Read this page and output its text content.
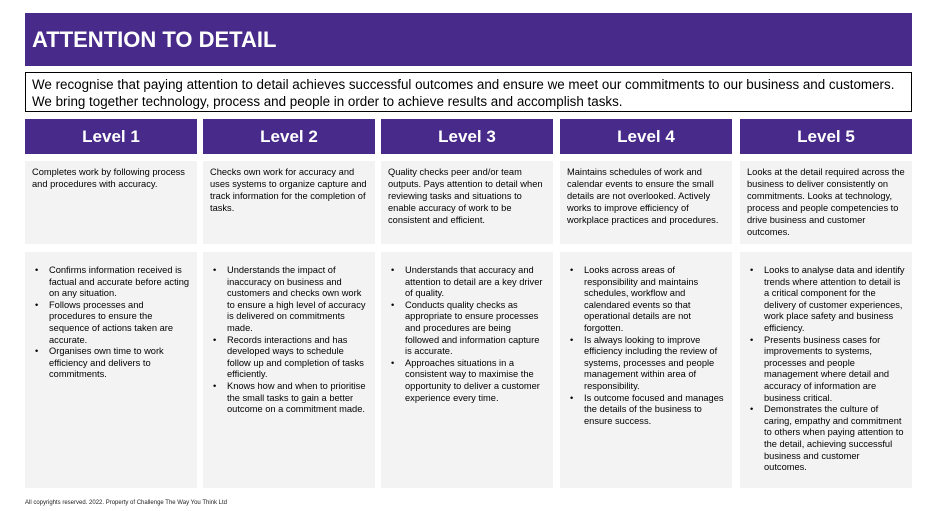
ATTENTION TO DETAIL
We recognise that paying attention to detail achieves successful outcomes and ensure we meet our commitments to our business and customers. We bring together technology, process and people in order to achieve results and accomplish tasks.
Level 1
Completes work by following process and procedures with accuracy.
• Confirms information received is factual and accurate before acting on any situation.
• Follows processes and procedures to ensure the sequence of actions taken are accurate.
• Organises own time to work efficiency and delivers to commitments.
Level 2
Checks own work for accuracy and uses systems to organize capture and track information for the completion of tasks.
• Understands the impact of inaccuracy on business and customers and checks own work to ensure a high level of accuracy is delivered on commitments made.
• Records interactions and has developed ways to schedule follow up and completion of tasks efficiently.
• Knows how and when to prioritise the small tasks to gain a better outcome on a commitment made.
Level 3
Quality checks peer and/or team outputs. Pays attention to detail when reviewing tasks and situations to enable accuracy of work to be consistent and efficient.
• Understands that accuracy and attention to detail are a key driver of quality.
• Conducts quality checks as appropriate to ensure processes and procedures are being followed and information capture is accurate.
• Approaches situations in a consistent way to maximise the opportunity to deliver a customer experience every time.
Level 4
Maintains schedules of work and calendar events to ensure the small details are not overlooked. Actively works to improve efficiency of workplace practices and procedures.
• Looks across areas of responsibility and maintains schedules, workflow and calendared events so that operational details are not forgotten.
• Is always looking to improve efficiency including the review of systems, processes and people management within area of responsibility.
• Is outcome focused and manages the details of the business to ensure success.
Level 5
Looks at the detail required across the business to deliver consistently on commitments. Looks at technology, process and people competencies to drive business and customer outcomes.
• Looks to analyse data and identify trends where attention to detail is a critical component for the delivery of customer experiences, work place safety and business efficiency.
• Presents business cases for improvements to systems, processes and people management where detail and accuracy of information are business critical.
• Demonstrates the culture of caring, empathy and commitment to others when paying attention to the detail, achieving successful business and customer outcomes.
All copyrights reserved. 2022. Property of Challenge The Way You Think Ltd
